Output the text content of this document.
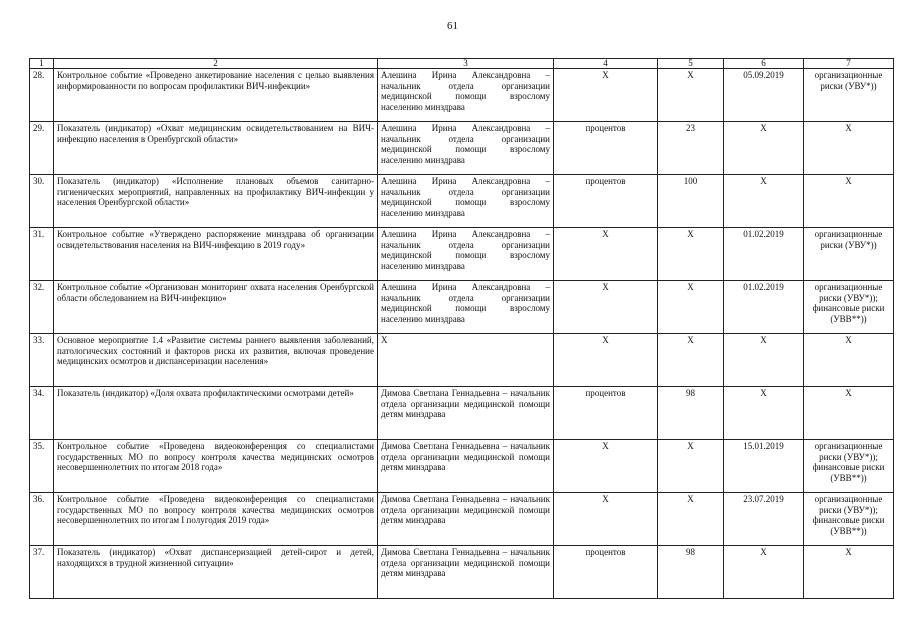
61
1	2	3	4	5	6	7
28.	Контрольное событие «Проведено анкетирование населения с целью выявления информированности по вопросам профилактики ВИЧ-инфекции»	Алешина Ирина Александровна – начальник отдела организации медицинской помощи взрослому населению минздрава	X	X	05.09.2019	организационные риски (УВУ*))
29.	Показатель (индикатор) «Охват медицинским освидетельствованием на ВИЧ-инфекцию населения в Оренбургской области»	Алешина Ирина Александровна – начальник отдела организации медицинской помощи взрослому населению минздрава	процентов	23	X	X
30.	Показатель (индикатор) «Исполнение плановых объемов санитарно-гигиенических мероприятий, направленных на профилактику ВИЧ-инфекции у населения Оренбургской области»	Алешина Ирина Александровна – начальник отдела организации медицинской помощи взрослому населению минздрава	процентов	100	X	X
31.	Контрольное событие «Утверждено распоряжение минздрава об организации освидетельствования населения на ВИЧ-инфекцию в 2019 году»	Алешина Ирина Александровна – начальник отдела организации медицинской помощи взрослому населению минздрава	X	X	01.02.2019	организационные риски (УВУ*))
32.	Контрольное событие «Организован мониторинг охвата населения Оренбургской области обследованием на ВИЧ-инфекцию»	Алешина Ирина Александровна – начальник отдела организации медицинской помощи взрослому населению минздрава	X	X	01.02.2019	организационные риски (УВУ*)); финансовые риски (УВВ**))
33.	Основное мероприятие 1.4 «Развитие системы раннего выявления заболеваний, патологических состояний и факторов риска их развития, включая проведение медицинских осмотров и диспансеризации населения»	X	X	X	X	X
34.	Показатель (индикатор) «Доля охвата профилактическими осмотрами детей»	Димова Светлана Геннадьевна – начальник отдела организации медицинской помощи детям минздрава	процентов	98	X	X
35.	Контрольное событие «Проведена видеоконференция со специалистами государственных МО по вопросу контроля качества медицинских осмотров несовершеннолетних по итогам 2018 года»	Димова Светлана Геннадьевна – начальник отдела организации медицинской помощи детям минздрава	X	X	15.01.2019	организационные риски (УВУ*)); финансовые риски (УВВ**))
36.	Контрольное событие «Проведена видеоконференция со специалистами государственных МО по вопросу контроля качества медицинских осмотров несовершеннолетних по итогам I полугодия 2019 года»	Димова Светлана Геннадьевна – начальник отдела организации медицинской помощи детям минздрава	X	X	23.07.2019	организационные риски (УВУ*)); финансовые риски (УВВ**))
37.	Показатель (индикатор) «Охват диспансеризацией детей-сирот и детей, находящихся в трудной жизненной ситуации»	Димова Светлана Геннадьевна – начальник отдела организации медицинской помощи детям минздрава	процентов	98	X	X
